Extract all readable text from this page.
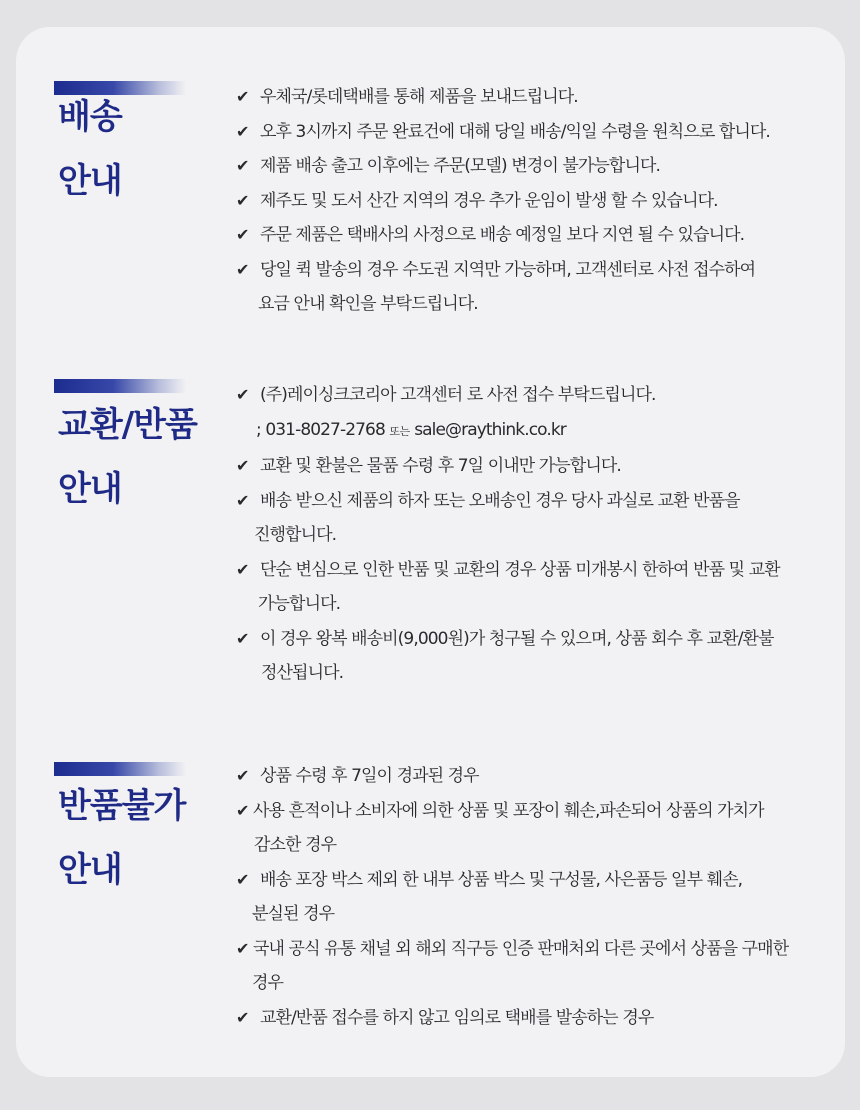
배송
안내
✔ 우체국/롯데택배를 통해 제품을 보내드립니다.
✔ 오후 3시까지 주문 완료건에 대해 당일 배송/익일 수령을 원칙으로 합니다.
✔ 제품 배송 출고 이후에는 주문(모델) 변경이 불가능합니다.
✔ 제주도 및 도서 산간 지역의 경우 추가 운임이 발생 할 수 있습니다.
✔ 주문 제품은 택배사의 사정으로 배송 예정일 보다 지연 될 수 있습니다.
✔ 당일 퀵 발송의 경우 수도권 지역만 가능하며, 고객센터로 사전 접수하여
요금 안내 확인을 부탁드립니다.
교환/반품
안내
✔ (주)레이싱크코리아 고객센터 로 사전 접수 부탁드립니다.
; 031-8027-2768 또는 sale@raythink.co.kr
✔ 교환 및 환불은 물품 수령 후 7일 이내만 가능합니다.
✔ 배송 받으신 제품의 하자 또는 오배송인 경우 당사 과실로 교환 반품을
진행합니다.
✔ 단순 변심으로 인한 반품 및 교환의 경우 상품 미개봉시 한하여 반품 및 교환
가능합니다.
✔ 이 경우 왕복 배송비(9,000원)가 청구될 수 있으며, 상품 회수 후 교환/환불
정산됩니다.
반품불가
안내
✔ 상품 수령 후 7일이 경과된 경우
✔ 사용 흔적이나 소비자에 의한 상품 및 포장이 훼손,파손되어 상품의 가치가
감소한 경우
✔ 배송 포장 박스 제외 한 내부 상품 박스 및 구성물, 사은품등 일부 훼손,
분실된 경우
✔ 국내 공식 유통 채널 외 해외 직구등 인증 판매처외 다른 곳에서 상품을 구매한
경우
✔ 교환/반품 접수를 하지 않고 임의로 택배를 발송하는 경우
